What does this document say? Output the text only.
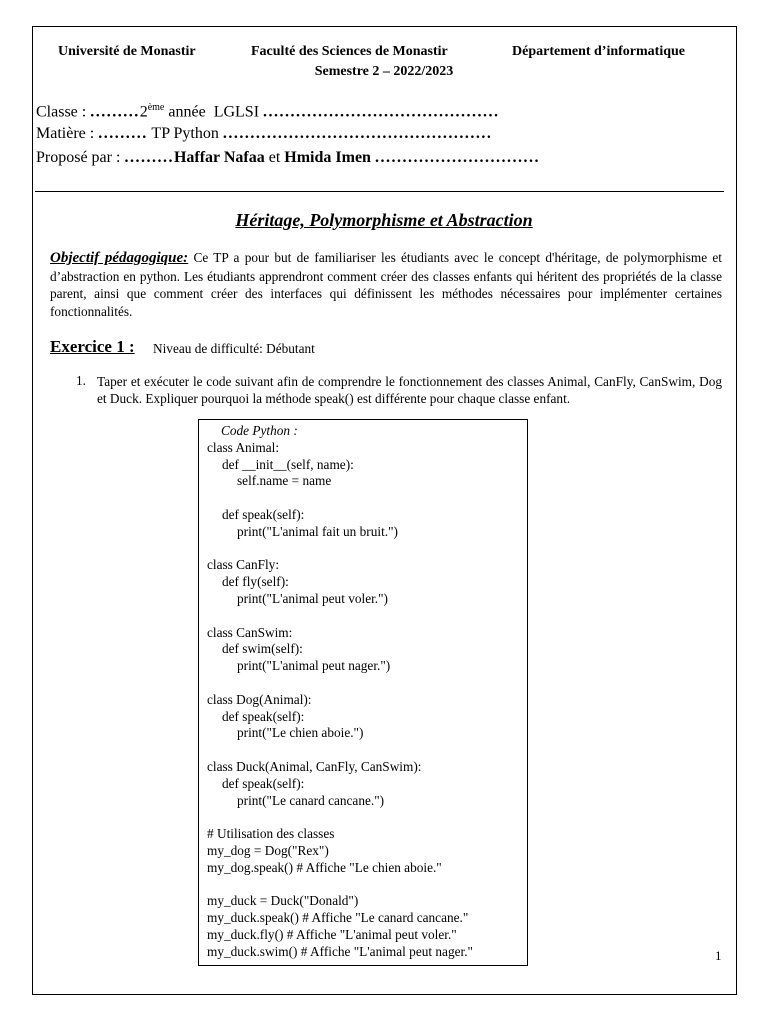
Université de Monastir	Faculté des Sciences de Monastir	Département d’informatique
Semestre 2 – 2022/2023
Classe : .........2ème année LGLSI ...........................................
Matière : ......... TP Python .................................................
Proposé par : .........Haffar Nafaa et Hmida Imen ..............................
Héritage, Polymorphisme et Abstraction
Objectif pédagogique: Ce TP a pour but de familiariser les étudiants avec le concept d'héritage, de polymorphisme et d’abstraction en python. Les étudiants apprendront comment créer des classes enfants qui héritent des propriétés de la classe parent, ainsi que comment créer des interfaces qui définissent les méthodes nécessaires pour implémenter certaines fonctionnalités.
Exercice 1 : Niveau de difficulté: Débutant
1. Taper et exécuter le code suivant afin de comprendre le fonctionnement des classes Animal, CanFly, CanSwim, Dog et Duck. Expliquer pourquoi la méthode speak() est différente pour chaque classe enfant.
Code Python :
class Animal:
def __init__(self, name):
self.name = name
def speak(self):
print("L'animal fait un bruit.")
class CanFly:
def fly(self):
print("L'animal peut voler.")
class CanSwim:
def swim(self):
print("L'animal peut nager.")
class Dog(Animal):
def speak(self):
print("Le chien aboie.")
class Duck(Animal, CanFly, CanSwim):
def speak(self):
print("Le canard cancane.")
# Utilisation des classes
my_dog = Dog("Rex")
my_dog.speak() # Affiche "Le chien aboie."
my_duck = Duck("Donald")
my_duck.speak() # Affiche "Le canard cancane."
my_duck.fly() # Affiche "L'animal peut voler."
my_duck.swim() # Affiche "L'animal peut nager."	1
